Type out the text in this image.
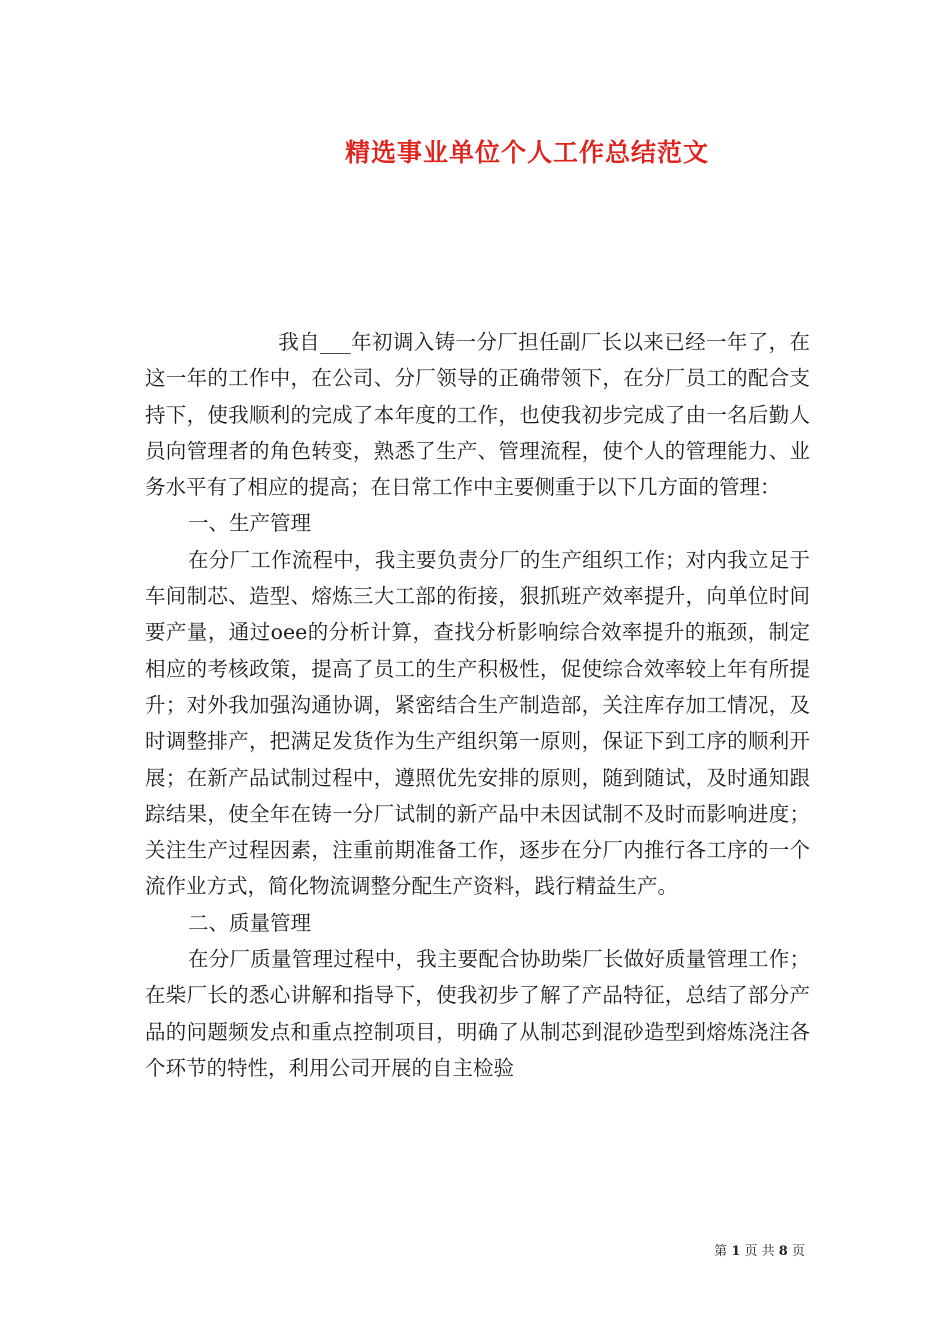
精选事业单位个人工作总结范文

我自___年初调入铸一分厂担任副厂长以来已经一年了，在这一年的工作中，在公司、分厂领导的正确带领下，在分厂员工的配合支持下，使我顺利的完成了本年度的工作，也使我初步完成了由一名后勤人员向管理者的角色转变，熟悉了生产、管理流程，使个人的管理能力、业务水平有了相应的提高；在日常工作中主要侧重于以下几方面的管理：

一、生产管理

在分厂工作流程中，我主要负责分厂的生产组织工作；对内我立足于车间制芯、造型、熔炼三大工部的衔接，狠抓班产效率提升，向单位时间要产量，通过oee的分析计算，查找分析影响综合效率提升的瓶颈，制定相应的考核政策，提高了员工的生产积极性，促使综合效率较上年有所提升；对外我加强沟通协调，紧密结合生产制造部，关注库存加工情况，及时调整排产，把满足发货作为生产组织第一原则，保证下到工序的顺利开展；在新产品试制过程中，遵照优先安排的原则，随到随试，及时通知跟踪结果，使全年在铸一分厂试制的新产品中未因试制不及时而影响进度；关注生产过程因素，注重前期准备工作，逐步在分厂内推行各工序的一个流作业方式，简化物流调整分配生产资料，践行精益生产。

二、质量管理

在分厂质量管理过程中，我主要配合协助柴厂长做好质量管理工作；在柴厂长的悉心讲解和指导下，使我初步了解了产品特征，总结了部分产品的问题频发点和重点控制项目，明确了从制芯到混砂造型到熔炼浇注各个环节的特性，利用公司开展的自主检验

第 1 页 共 8 页
